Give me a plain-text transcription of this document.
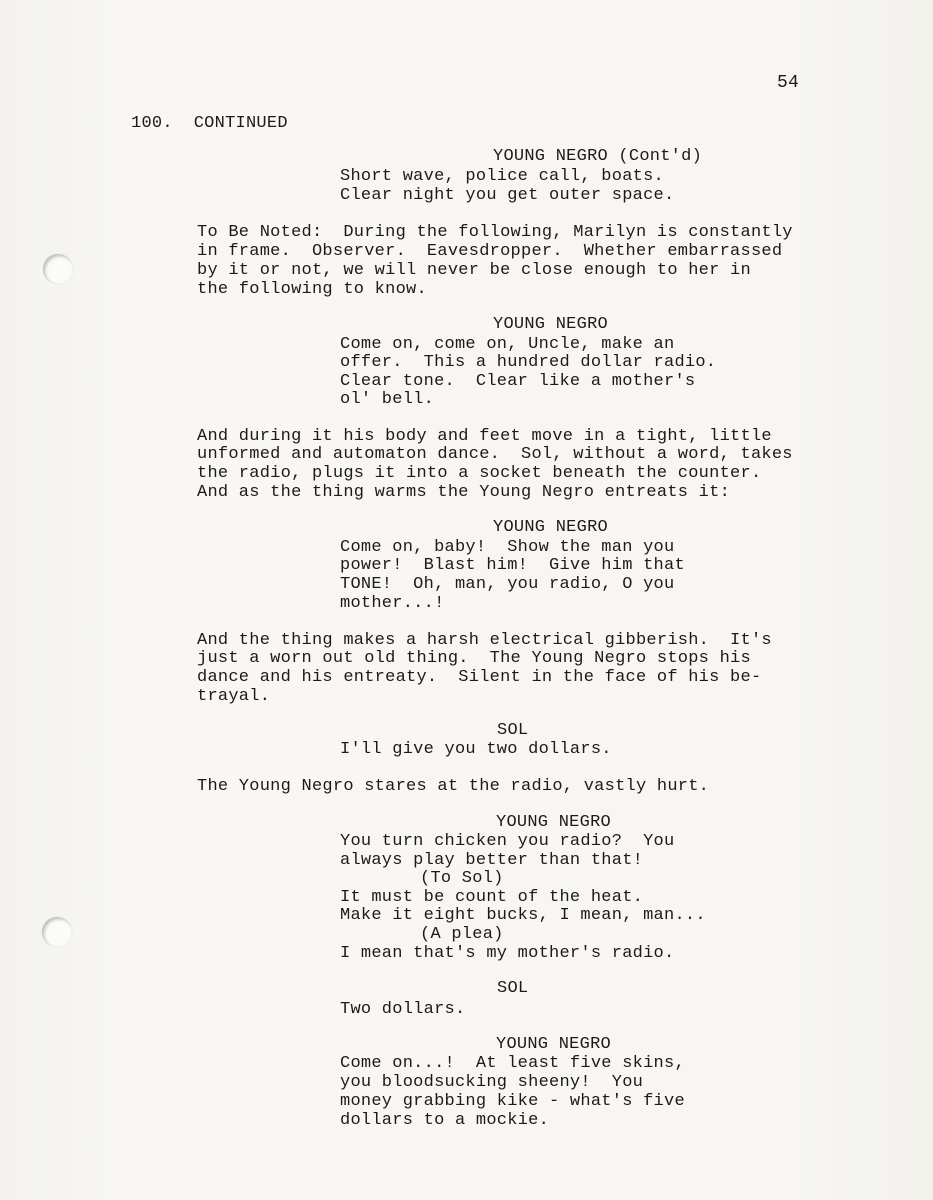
54
100.  CONTINUED
YOUNG NEGRO (Cont'd)
Short wave, police call, boats.
Clear night you get outer space.
To Be Noted:  During the following, Marilyn is constantly
in frame.  Observer.  Eavesdropper.  Whether embarrassed
by it or not, we will never be close enough to her in
the following to know.
YOUNG NEGRO
Come on, come on, Uncle, make an
offer.  This a hundred dollar radio.
Clear tone.  Clear like a mother's
ol' bell.
And during it his body and feet move in a tight, little
unformed and automaton dance.  Sol, without a word, takes
the radio, plugs it into a socket beneath the counter.
And as the thing warms the Young Negro entreats it:
YOUNG NEGRO
Come on, baby!  Show the man you
power!  Blast him!  Give him that
TONE!  Oh, man, you radio, O you
mother...!
And the thing makes a harsh electrical gibberish.  It's
just a worn out old thing.  The Young Negro stops his
dance and his entreaty.  Silent in the face of his be-
trayal.
SOL
I'll give you two dollars.
The Young Negro stares at the radio, vastly hurt.
YOUNG NEGRO
You turn chicken you radio?  You
always play better than that!
(To Sol)
It must be count of the heat.
Make it eight bucks, I mean, man...
(A plea)
I mean that's my mother's radio.
SOL
Two dollars.
YOUNG NEGRO
Come on...!  At least five skins,
you bloodsucking sheeny!  You
money grabbing kike - what's five
dollars to a mockie.
